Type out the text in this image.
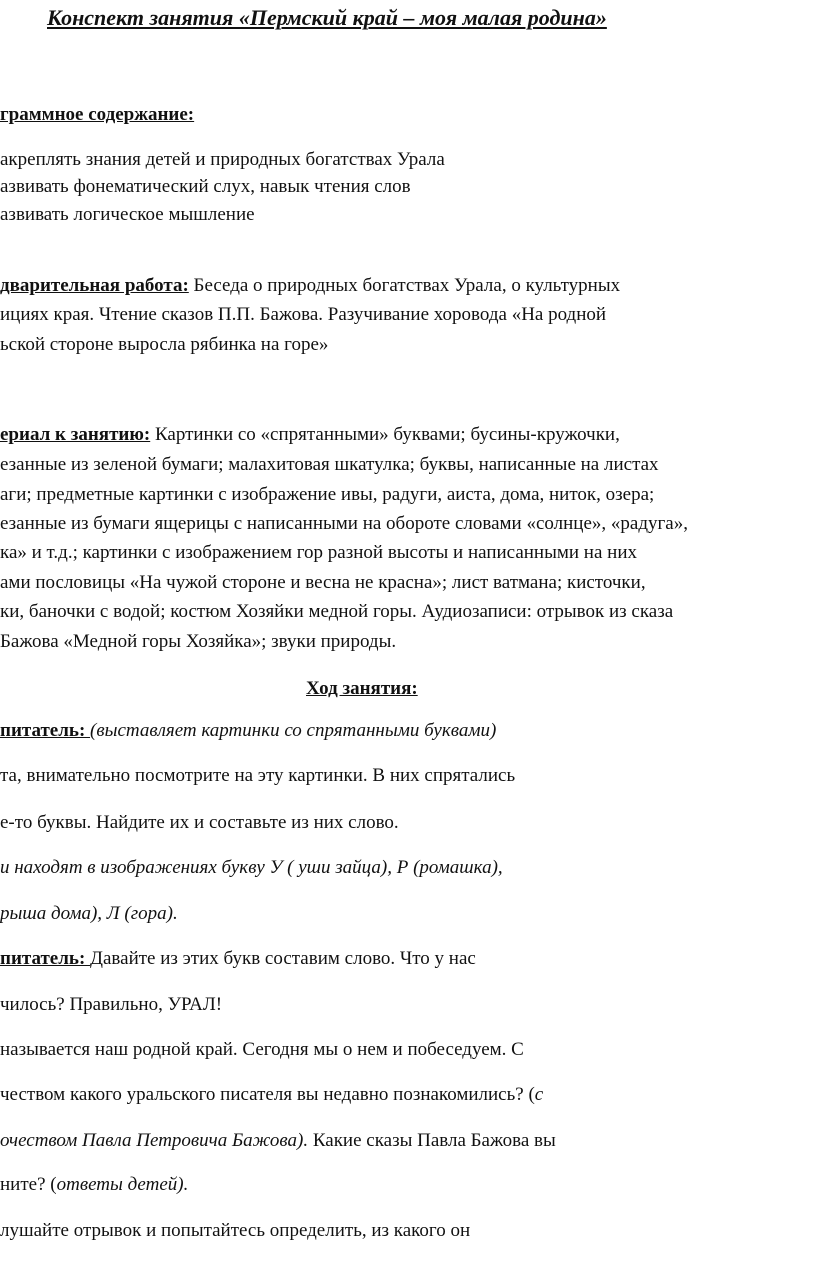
Конспект занятия «Пермский край – моя малая родина»
граммное содержание:
акреплять знания детей и природных богатствах Урала
азвивать фонематический слух, навык чтения слов
азвивать логическое мышление
дварительная работа: Беседа о природных богатствах Урала, о культурных
ициях края. Чтение сказов П.П. Бажова. Разучивание хоровода «На родной
ьской стороне выросла рябинка на горе»
ериал к занятию: Картинки со «спрятанными» буквами; бусины-кружочки,
езанные из зеленой бумаги; малахитовая шкатулка; буквы, написанные на листах
аги; предметные картинки с изображение ивы, радуги, аиста, дома, ниток, озера;
езанные из бумаги ящерицы с написанными на обороте словами «солнце», «радуга»,
ка» и т.д.; картинки с изображением гор разной высоты и написанными на них
ами пословицы «На чужой стороне и весна не красна»; лист ватмана; кисточки,
ки, баночки с водой; костюм Хозяйки медной горы. Аудиозаписи: отрывок из сказа
Бажова «Медной горы Хозяйка»; звуки природы.
Ход занятия:
питатель: (выставляет картинки со спрятанными буквами)
та, внимательно посмотрите на эту картинки. В них спрятались
е-то буквы. Найдите их и составьте из них слово.
и находят в изображениях букву У ( уши зайца), Р (ромашка),
рыша дома), Л (гора).
питатель: Давайте из этих букв составим слово. Что у нас
чилось? Правильно, УРАЛ!
называется наш родной край. Сегодня мы о нем и побеседуем. С
чеством какого уральского писателя вы недавно познакомились? (с
очеством Павла Петровича Бажова). Какие сказы Павла Бажова вы
ните? (ответы детей).
лушайте отрывок и попытайтесь определить, из какого он
